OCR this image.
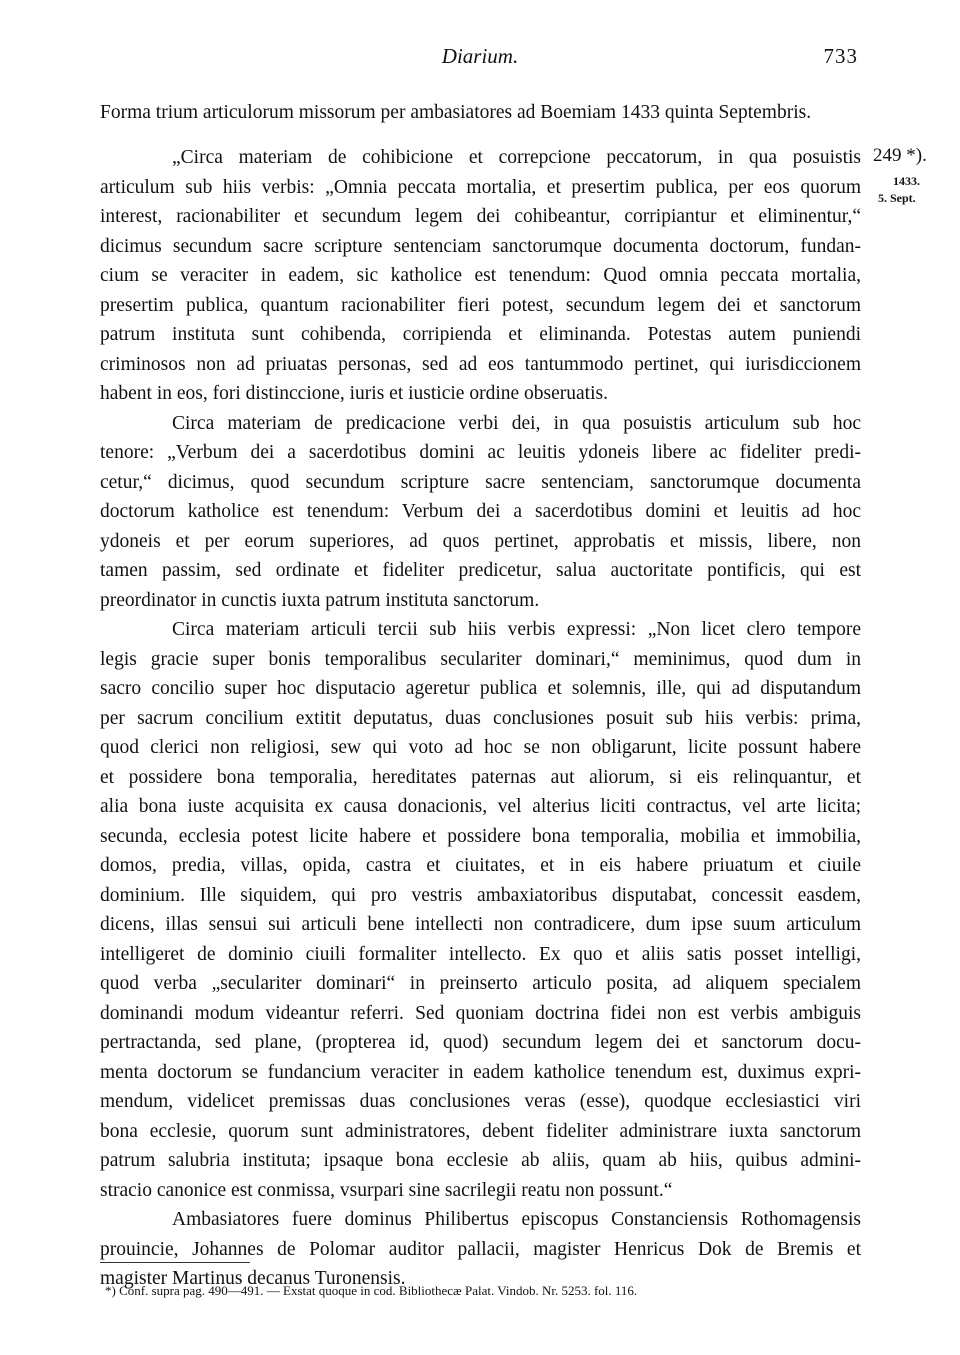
Diarium.	733
Forma trium articulorum missorum per ambasiatores ad Boemiam 1433 quinta Septembris.
249 *).
1433.
5. Sept.
„Circa materiam de cohibicione et correpcione peccatorum, in qua posuistis
articulum sub hiis verbis: „Omnia peccata mortalia, et presertim publica, per eos quorum
interest, racionabiliter et secundum legem dei cohibeantur, corripiantur et eliminentur,“
dicimus secundum sacre scripture sentenciam sanctorumque documenta doctorum, fundan-
cium se veraciter in eadem, sic katholice est tenendum: Quod omnia peccata mortalia,
presertim publica, quantum racionabiliter fieri potest, secundum legem dei et sanctorum
patrum instituta sunt cohibenda, corripienda et eliminanda. Potestas autem puniendi
criminosos non ad priuatas personas, sed ad eos tantummodo pertinet, qui iurisdiccionem
habent in eos, fori distinccione, iuris et iusticie ordine obseruatis.
Circa materiam de predicacione verbi dei, in qua posuistis articulum sub hoc
tenore: „Verbum dei a sacerdotibus domini ac leuitis ydoneis libere ac fideliter predi-
cetur,“ dicimus, quod secundum scripture sacre sentenciam, sanctorumque documenta
doctorum katholice est tenendum: Verbum dei a sacerdotibus domini et leuitis ad hoc
ydoneis et per eorum superiores, ad quos pertinet, approbatis et missis, libere, non
tamen passim, sed ordinate et fideliter predicetur, salua auctoritate pontificis, qui est
preordinator in cunctis iuxta patrum instituta sanctorum.
Circa materiam articuli tercii sub hiis verbis expressi: „Non licet clero tempore
legis gracie super bonis temporalibus seculariter dominari,“ meminimus, quod dum in
sacro concilio super hoc disputacio ageretur publica et solemnis, ille, qui ad disputandum
per sacrum concilium extitit deputatus, duas conclusiones posuit sub hiis verbis: prima,
quod clerici non religiosi, sew qui voto ad hoc se non obligarunt, licite possunt habere
et possidere bona temporalia, hereditates paternas aut aliorum, si eis relinquantur, et
alia bona iuste acquisita ex causa donacionis, vel alterius liciti contractus, vel arte licita;
secunda, ecclesia potest licite habere et possidere bona temporalia, mobilia et immobilia,
domos, predia, villas, opida, castra et ciuitates, et in eis habere priuatum et ciuile
dominium. Ille siquidem, qui pro vestris ambaxiatoribus disputabat, concessit easdem,
dicens, illas sensui sui articuli bene intellecti non contradicere, dum ipse suum articulum
intelligeret de dominio ciuili formaliter intellecto. Ex quo et aliis satis posset intelligi,
quod verba „seculariter dominari“ in preinserto articulo posita, ad aliquem specialem
dominandi modum videantur referri. Sed quoniam doctrina fidei non est verbis ambiguis
pertractanda, sed plane, (propterea id, quod) secundum legem dei et sanctorum docu-
menta doctorum se fundancium veraciter in eadem katholice tenendum est, duximus expri-
mendum, videlicet premissas duas conclusiones veras (esse), quodque ecclesiastici viri
bona ecclesie, quorum sunt administratores, debent fideliter administrare iuxta sanctorum
patrum salubria instituta; ipsaque bona ecclesie ab aliis, quam ab hiis, quibus admini-
stracio canonice est conmissa, vsurpari sine sacrilegii reatu non possunt.“
Ambasiatores fuere dominus Philibertus episcopus Constanciensis Rothomagensis
prouincie, Johannes de Polomar auditor pallacii, magister Henricus Dok de Bremis et
magister Martinus decanus Turonensis.
*) Conf. supra pag. 490—491. — Exstat quoque in cod. Bibliothecæ Palat. Vindob. Nr. 5253. fol. 116.
